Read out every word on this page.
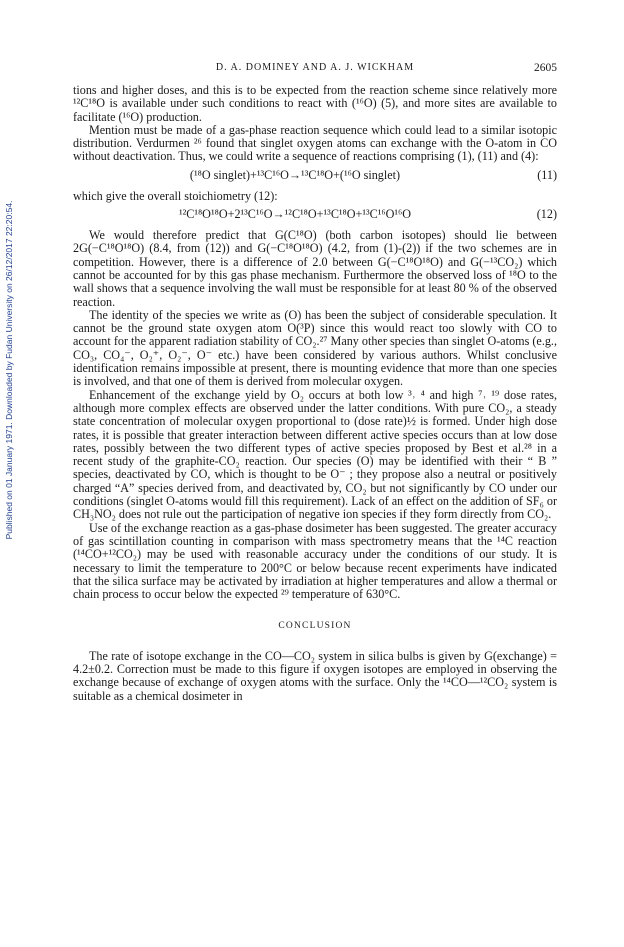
Published on 01 January 1971. Downloaded by Fudan University on 26/12/2017 22:20:54.
D. A. DOMINEY AND A. J. WICKHAM	2605

tions and higher doses, and this is to be expected from the reaction scheme since relatively more ¹²C¹⁸O is available under such conditions to react with (¹⁶O) (5), and more sites are available to facilitate (¹⁶O) production.

Mention must be made of a gas-phase reaction sequence which could lead to a similar isotopic distribution. Verdurmen ²⁶ found that singlet oxygen atoms can exchange with the O-atom in CO without deactivation. Thus, we could write a sequence of reactions comprising (1), (11) and (4):

(¹⁸O singlet)+¹³C¹⁶O→¹³C¹⁸O+(¹⁶O singlet)	(11)

which give the overall stoichiometry (12):

¹²C¹⁸O¹⁸O+2¹³C¹⁶O→¹²C¹⁸O+¹³C¹⁸O+¹³C¹⁶O¹⁶O	(12)

We would therefore predict that G(C¹⁸O) (both carbon isotopes) should lie between 2G(−C¹⁸O¹⁸O) (8.4, from (12)) and G(−C¹⁸O¹⁸O) (4.2, from (1)-(2)) if the two schemes are in competition. However, there is a difference of 2.0 between G(−C¹⁸O¹⁸O) and G(−¹³CO₂) which cannot be accounted for by this gas phase mechanism. Furthermore the observed loss of ¹⁸O to the wall shows that a sequence involving the wall must be responsible for at least 80 % of the observed reaction.

The identity of the species we write as (O) has been the subject of considerable speculation. It cannot be the ground state oxygen atom O(³P) since this would react too slowly with CO to account for the apparent radiation stability of CO₂.²⁷ Many other species than singlet O-atoms (e.g., CO₃, CO₄⁻, O₂⁺, O₂⁻, O⁻ etc.) have been considered by various authors. Whilst conclusive identification remains impossible at present, there is mounting evidence that more than one species is involved, and that one of them is derived from molecular oxygen.

Enhancement of the exchange yield by O₂ occurs at both low ³˒ ⁴ and high ⁷˒ ¹⁹ dose rates, although more complex effects are observed under the latter conditions. With pure CO₂, a steady state concentration of molecular oxygen proportional to (dose rate)½ is formed. Under high dose rates, it is possible that greater interaction between different active species occurs than at low dose rates, possibly between the two different types of active species proposed by Best et al.²⁸ in a recent study of the graphite-CO₂ reaction. Our species (O) may be identified with their “ B ” species, deactivated by CO, which is thought to be O⁻ ; they propose also a neutral or positively charged “A” species derived from, and deactivated by, CO₂ but not significantly by CO under our conditions (singlet O-atoms would fill this requirement). Lack of an effect on the addition of SF₆ or CH₃NO₂ does not rule out the participation of negative ion species if they form directly from CO₂.

Use of the exchange reaction as a gas-phase dosimeter has been suggested. The greater accuracy of gas scintillation counting in comparison with mass spectrometry means that the ¹⁴C reaction (¹⁴CO+¹²CO₂) may be used with reasonable accuracy under the conditions of our study. It is necessary to limit the temperature to 200°C or below because recent experiments have indicated that the silica surface may be activated by irradiation at higher temperatures and allow a thermal or chain process to occur below the expected ²⁹ temperature of 630°C.

CONCLUSION

The rate of isotope exchange in the CO—CO₂ system in silica bulbs is given by G(exchange) = 4.2±0.2. Correction must be made to this figure if oxygen isotopes are employed in observing the exchange because of exchange of oxygen atoms with the surface. Only the ¹⁴CO—¹²CO₂ system is suitable as a chemical dosimeter in
